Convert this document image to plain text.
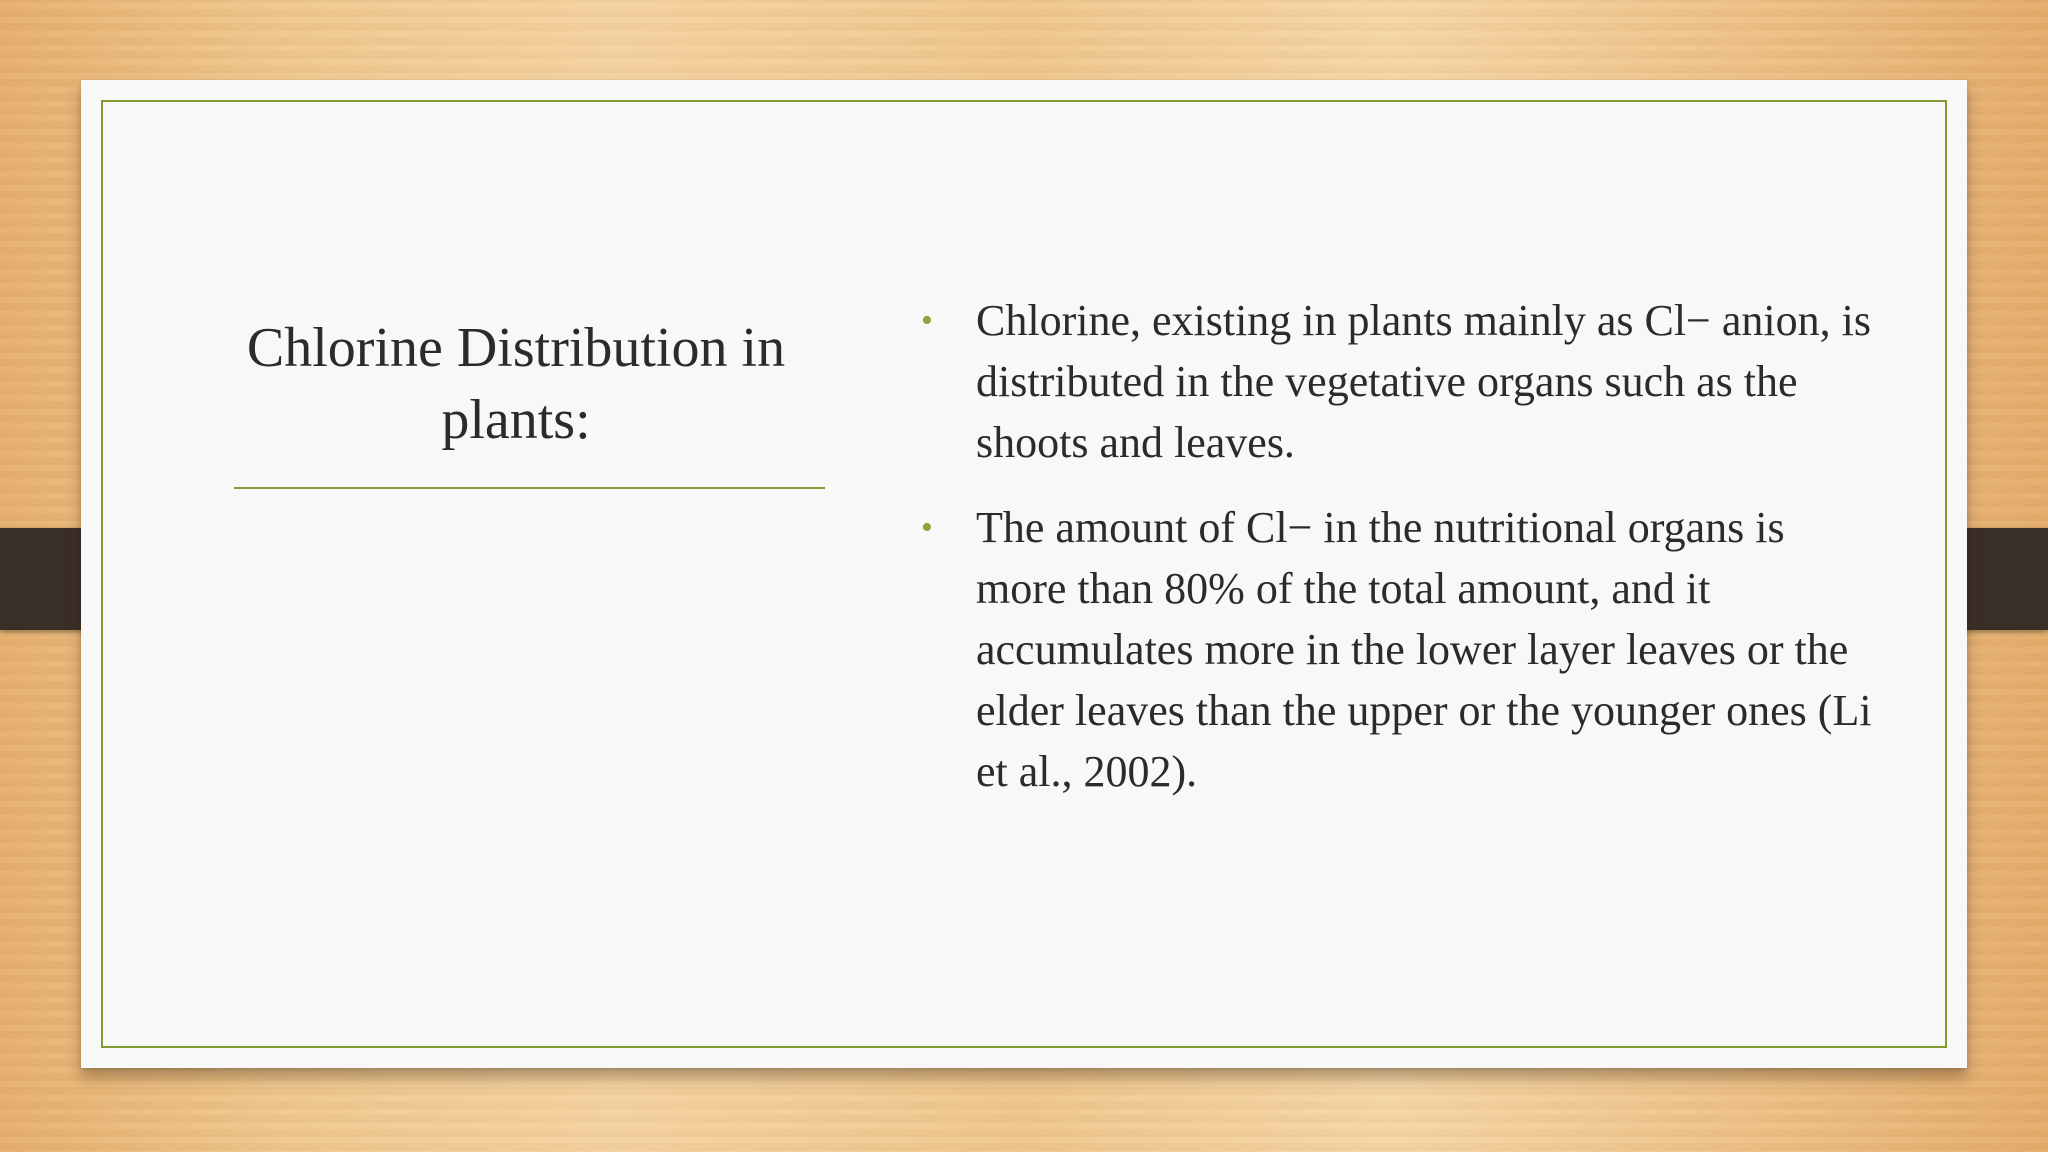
Chlorine Distribution in plants:
• Chlorine, existing in plants mainly as Cl− anion, is distributed in the vegetative organs such as the shoots and leaves.
• The amount of Cl− in the nutritional organs is more than 80% of the total amount, and it accumulates more in the lower layer leaves or the elder leaves than the upper or the younger ones (Li et al., 2002).
